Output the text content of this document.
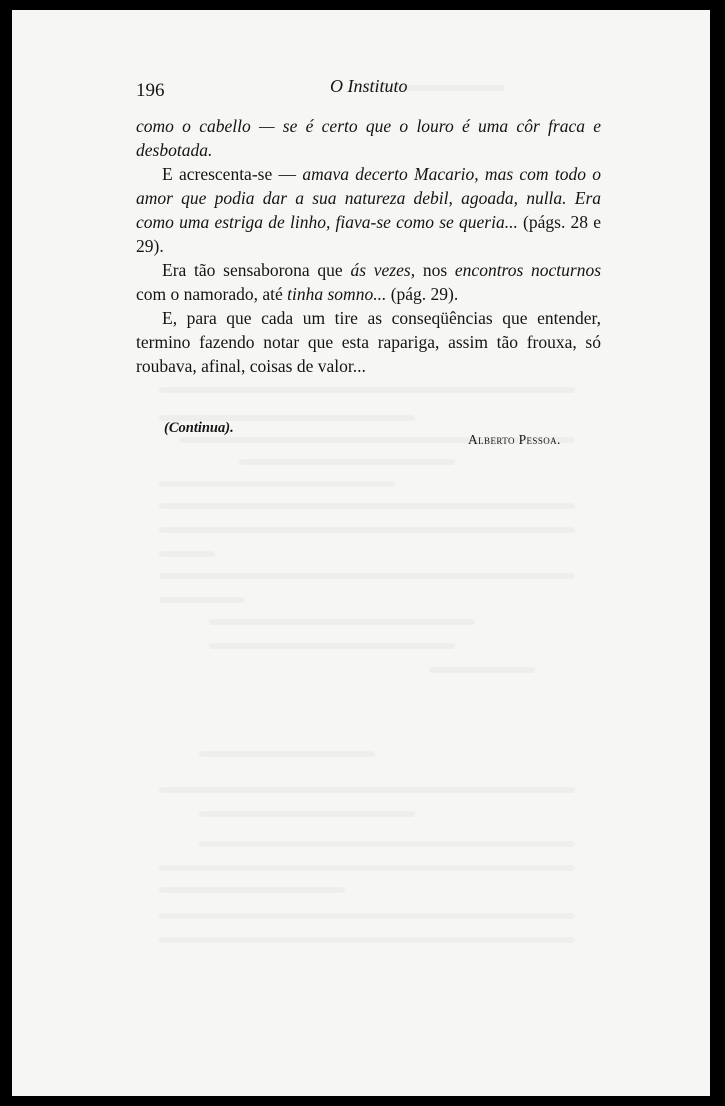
196	O Instituto

como o cabello — se é certo que o louro é uma côr fraca e desbotada.

E acrescenta-se — amava decerto Macario, mas com todo o amor que podia dar a sua natureza debil, agoada, nulla. Era como uma estriga de linho, fiava-se como se queria... (págs. 28 e 29).

Era tão sensaborona que ás vezes, nos encontros nocturnos com o namorado, até tinha somno... (pág. 29).

E, para que cada um tire as conseqüências que entender, termino fazendo notar que esta rapariga, assim tão frouxa, só roubava, afinal, coisas de valor...

(Continua).
Alberto Pessoa.
